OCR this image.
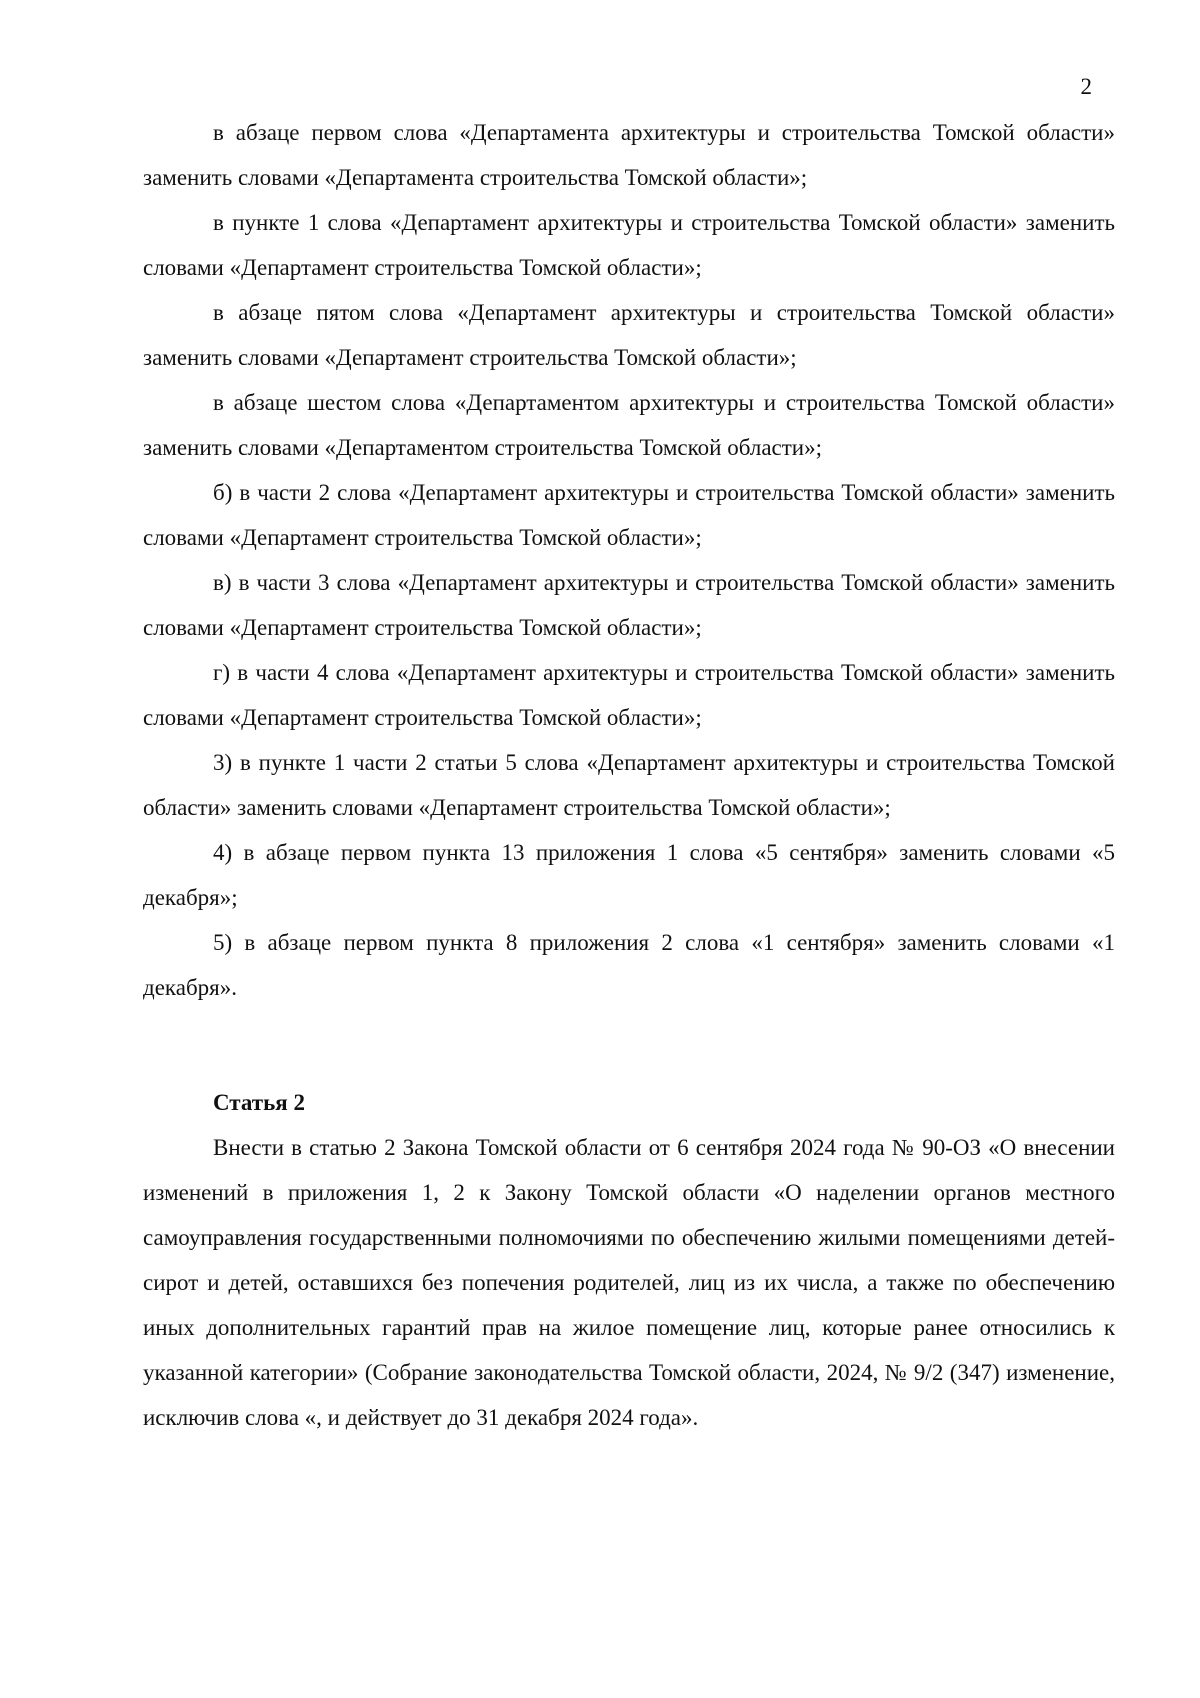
2

в абзаце первом слова «Департамента архитектуры и строительства Томской области» заменить словами «Департамента строительства Томской области»;

в пункте 1 слова «Департамент архитектуры и строительства Томской области» заменить словами «Департамент строительства Томской области»;

в абзаце пятом слова «Департамент архитектуры и строительства Томской области» заменить словами «Департамент строительства Томской области»;

в абзаце шестом слова «Департаментом архитектуры и строительства Томской области» заменить словами «Департаментом строительства Томской области»;

б) в части 2 слова «Департамент архитектуры и строительства Томской области» заменить словами «Департамент строительства Томской области»;

в) в части 3 слова «Департамент архитектуры и строительства Томской области» заменить словами «Департамент строительства Томской области»;

г) в части 4 слова «Департамент архитектуры и строительства Томской области» заменить словами «Департамент строительства Томской области»;

3) в пункте 1 части 2 статьи 5 слова «Департамент архитектуры и строительства Томской области» заменить словами «Департамент строительства Томской области»;

4) в абзаце первом пункта 13 приложения 1 слова «5 сентября» заменить словами «5 декабря»;

5) в абзаце первом пункта 8 приложения 2 слова «1 сентября» заменить словами «1 декабря».

Статья 2

Внести в статью 2 Закона Томской области от 6 сентября 2024 года № 90-ОЗ «О внесении изменений в приложения 1, 2 к Закону Томской области «О наделении органов местного самоуправления государственными полномочиями по обеспечению жилыми помещениями детей-сирот и детей, оставшихся без попечения родителей, лиц из их числа, а также по обеспечению иных дополнительных гарантий прав на жилое помещение лиц, которые ранее относились к указанной категории» (Собрание законодательства Томской области, 2024, № 9/2 (347) изменение, исключив слова «, и действует до 31 декабря 2024 года».
